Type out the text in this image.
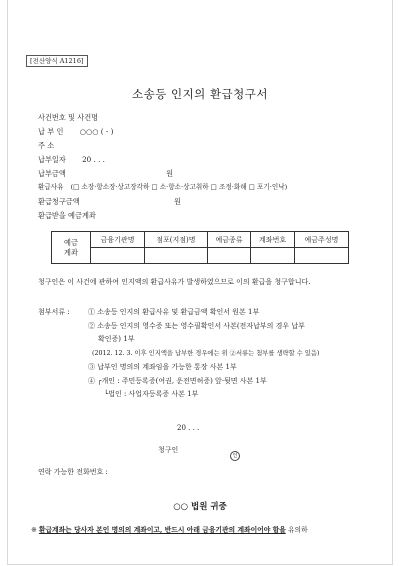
[전산양식 A1216]
소송등 인지의 환급청구서
사건번호 및 사건명
납 부 인 ○○○ ( - )
주 소
납부일자 20 . . .
납부금액	원
환급사유 (□ 소장·항소장·상고장각하 □ 소·항소·상고취하 □ 조정·화해 □ 포기·인낙)
환급청구금액	원
환급받을 예금계좌
예금 계좌	금융기관명	점포(지점)명	예금종류	계좌번호	예금주성명

청구인은 이 사건에 관하여 인지액의 환급사유가 발생하였으므로 이의 환급을 청구합니다.
첨부서류 :	① 소송등 인지의 환급사유 및 환급금액 확인서 원본 1부
② 소송등 인지의 영수증 또는 영수필확인서 사본(전자납부의 경우 납부
확인증) 1부
(2012. 12. 3. 이후 인지액을 납부한 경우에는 위 ②서류는 첨부를 생략할 수 있음)
③ 납부인 명의의 계좌임을 가능한 통장 사본 1부
④ ┌개인 : 주민등록증(여권, 운전면허증) 앞·뒷면 사본 1부
└법인 : 사업자등록증 사본 1부
20 . . .
청구인
인
연락 가능한 전화번호 :
○○ 법원 귀중
※ 환급계좌는 당사자 본인 명의의 계좌이고, 반드시 아래 금융기관의 계좌이어야 함을 유의하
